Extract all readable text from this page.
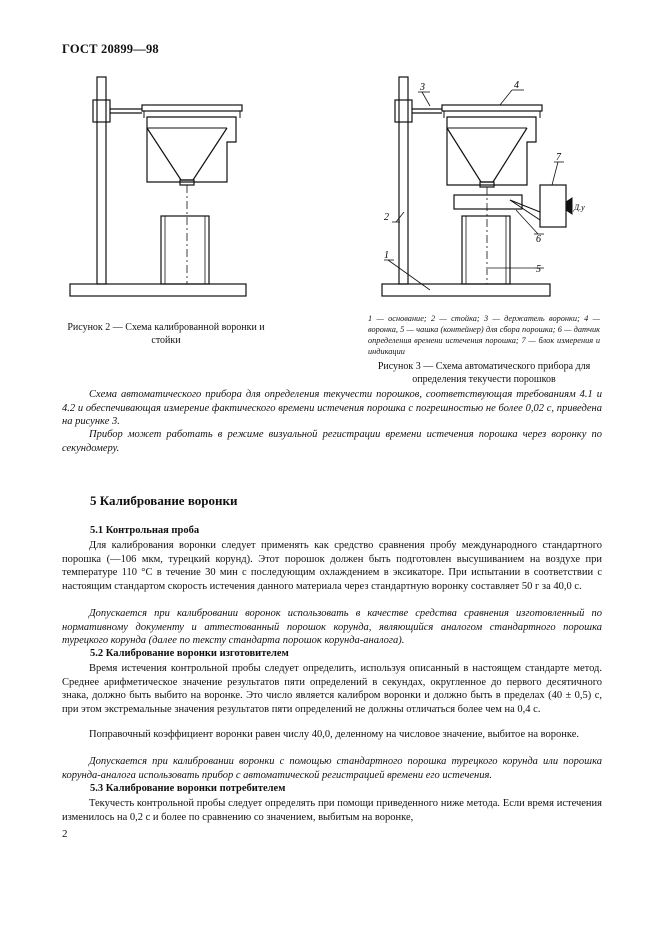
ГОСТ 20899—98
Рисунок 2 — Схема калиброванной воронки и стойки
3	4
7
2
1
6
5
Д.у
1 — основание; 2 — стойка; 3 — держатель воронки; 4 — воронка, 5 — чашка (контейнер) для сбора порошка; 6 — датчик определения времени истечения порошка; 7 — блок измерения и индикации
Рисунок 3 — Схема автоматического прибора для определения текучести порошков

Схема автоматического прибора для определения текучести порошков, соответствующая требованиям 4.1 и 4.2 и обеспечивающая измерение фактического времени истечения порошка с погрешностью не более 0,02 с, приведена на рисунке 3.

Прибор может работать в режиме визуальной регистрации времени истечения порошка через воронку по секундомеру.

5 Калибрование воронки
5.1 Контрольная проба

Для калибрования воронки следует применять как средство сравнения пробу международного стандартного порошка (—106 мкм, турецкий корунд). Этот порошок должен быть подготовлен высушиванием на воздухе при температуре 110 °С в течение 30 мин с последующим охлаждением в эксикаторе. При испытании в соответствии с настоящим стандартом скорость истечения данного материала через стандартную воронку составляет 50 г за 40,0 с.

Допускается при калибровании воронок использовать в качестве средства сравнения изготовленный по нормативному документу и аттестованный порошок корунда, являющийся аналогом стандартного порошка турецкого корунда (далее по тексту стандарта порошок корунда-аналога).

5.2 Калибрование воронки изготовителем

Время истечения контрольной пробы следует определить, используя описанный в настоящем стандарте метод. Среднее арифметическое значение результатов пяти определений в секундах, округленное до первого десятичного знака, должно быть выбито на воронке. Это число является калибром воронки и должно быть в пределах (40 ± 0,5) с, при этом экстремальные значения результатов пяти определений не должны отличаться более чем на 0,4 с.

Поправочный коэффициент воронки равен числу 40,0, деленному на числовое значение, выбитое на воронке.

Допускается при калибровании воронки с помощью стандартного порошка турецкого корунда или порошка корунда-аналога использовать прибор с автоматической регистрацией времени его истечения.

5.3 Калибрование воронки потребителем

Текучесть контрольной пробы следует определять при помощи приведенного ниже метода. Если время истечения изменилось на 0,2 с и более по сравнению со значением, выбитым на воронке,

2
